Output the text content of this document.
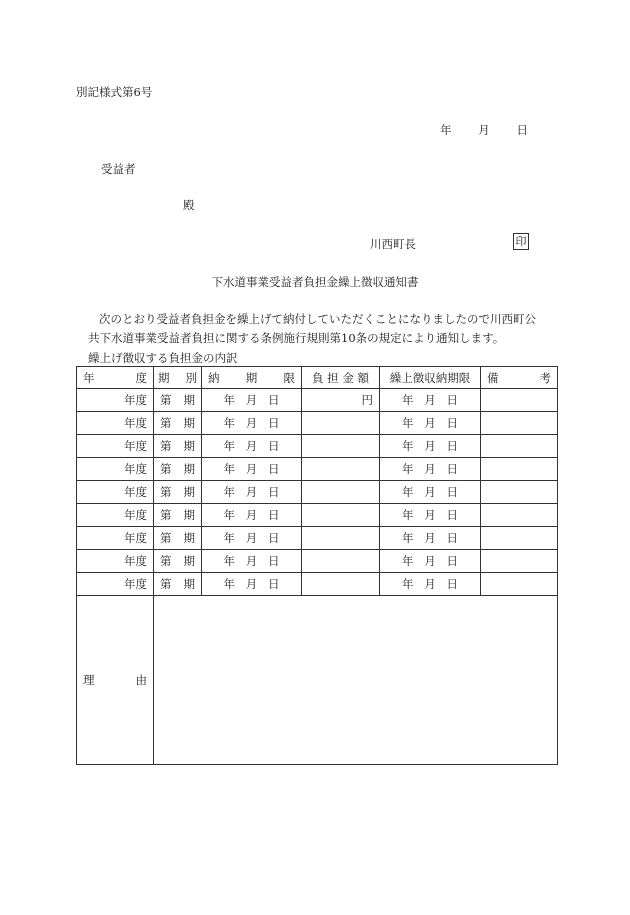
別記様式第6号
年 月 日
受益者
殿
川西町長	印
下水道事業受益者負担金繰上徴収通知書
次のとおり受益者負担金を繰上げて納付していただくことになりましたので川西町公
共下水道事業受益者負担に関する条例施行規則第10条の規定により通知します。
繰上げ徴収する負担金の内訳
年 度	期 別	納 期 限	負 担 金 額	繰上徴収納期限	備 考

年度	第 期	年 月 日	円	年 月 日	

年度	第 期	年 月 日		年 月 日	

年度	第 期	年 月 日		年 月 日	

年度	第 期	年 月 日		年 月 日	

年度	第 期	年 月 日		年 月 日	

年度	第 期	年 月 日		年 月 日	

年度	第 期	年 月 日		年 月 日	

年度	第 期	年 月 日		年 月 日	

年度	第 期	年 月 日		年 月 日	

理 由					
